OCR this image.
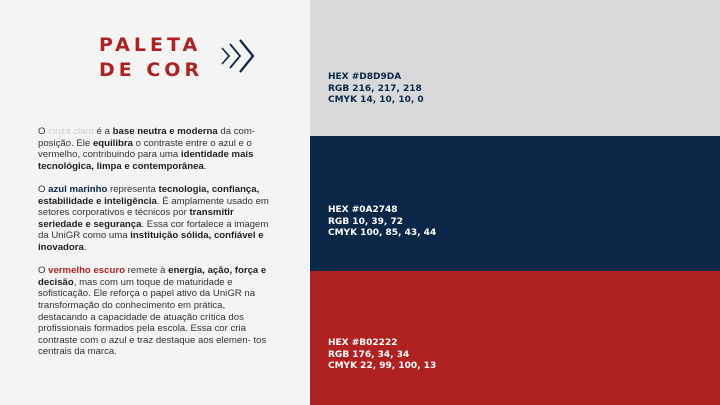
PALETA
DE COR

O cinza claro é a base neutra e moderna da com- posição. Ele equilibra o contraste entre o azul e o vermelho, contribuindo para uma identidade mais tecnológica, limpa e contemporânea.

O azul marinho representa tecnologia, confiança, estabilidade e inteligência. É amplamente usado em setores corporativos e técnicos por transmitir seriedade e segurança. Essa cor fortalece a imagem da UniGR como uma instituição sólida, confiável e inovadora.

O vermelho escuro remete à energia, ação, força e decisão, mas com um toque de maturidade e sofisticação. Ele reforça o papel ativo da UniGR na transformação do conhecimento em prática, destacando a capacidade de atuação crítica dos profissionais formados pela escola. Essa cor cria contraste com o azul e traz destaque aos elemen- tos centrais da marca.

HEX #D8D9DA
RGB 216, 217, 218
CMYK 14, 10, 10, 0
HEX #0A2748
RGB 10, 39, 72
CMYK 100, 85, 43, 44
HEX #B02222
RGB 176, 34, 34
CMYK 22, 99, 100, 13
